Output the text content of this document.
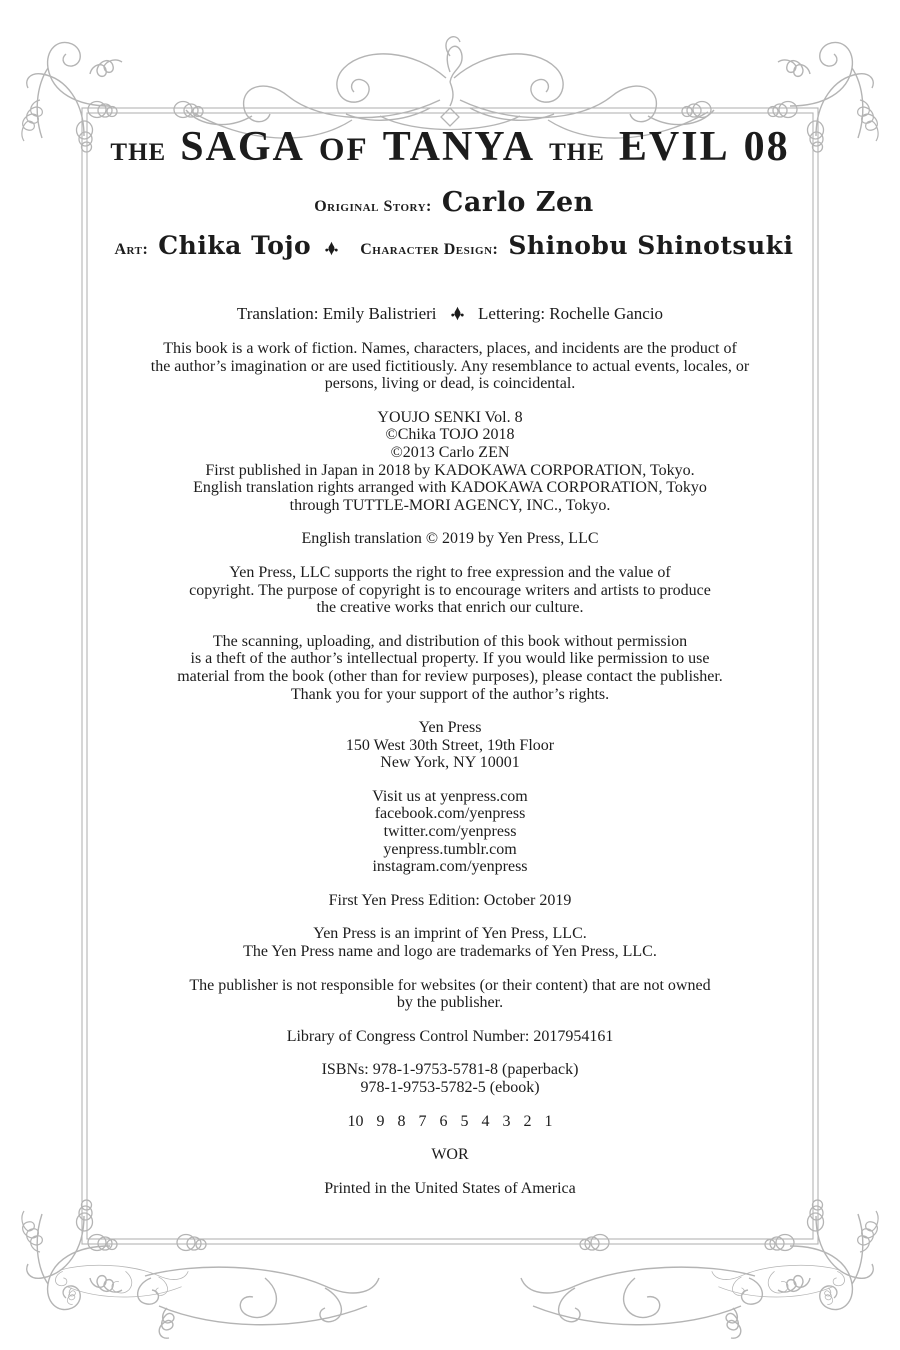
THE SAGA OF TANYA THE EVIL 08
Original Story: Carlo Zen
Art: Chika Tojo	Character Design: Shinobu Shinotsuki
Translation: Emily Balistrieri Lettering: Rochelle Gancio

This book is a work of fiction. Names, characters, places, and incidents are the product of
the author’s imagination or are used fictitiously. Any resemblance to actual events, locales, or
persons, living or dead, is coincidental.

YOUJO SENKI Vol. 8
©Chika TOJO 2018
©2013 Carlo ZEN
First published in Japan in 2018 by KADOKAWA CORPORATION, Tokyo.
English translation rights arranged with KADOKAWA CORPORATION, Tokyo
through TUTTLE-MORI AGENCY, INC., Tokyo.

English translation © 2019 by Yen Press, LLC

Yen Press, LLC supports the right to free expression and the value of
copyright. The purpose of copyright is to encourage writers and artists to produce
the creative works that enrich our culture.

The scanning, uploading, and distribution of this book without permission
is a theft of the author’s intellectual property. If you would like permission to use
material from the book (other than for review purposes), please contact the publisher.
Thank you for your support of the author’s rights.

Yen Press
150 West 30th Street, 19th Floor
New York, NY 10001

Visit us at yenpress.com
facebook.com/yenpress
twitter.com/yenpress
yenpress.tumblr.com
instagram.com/yenpress

First Yen Press Edition: October 2019

Yen Press is an imprint of Yen Press, LLC.
The Yen Press name and logo are trademarks of Yen Press, LLC.

The publisher is not responsible for websites (or their content) that are not owned
by the publisher.

Library of Congress Control Number: 2017954161

ISBNs: 978-1-9753-5781-8 (paperback)
978-1-9753-5782-5 (ebook)

10 9 8 7 6 5 4 3 2 1

WOR

Printed in the United States of America
